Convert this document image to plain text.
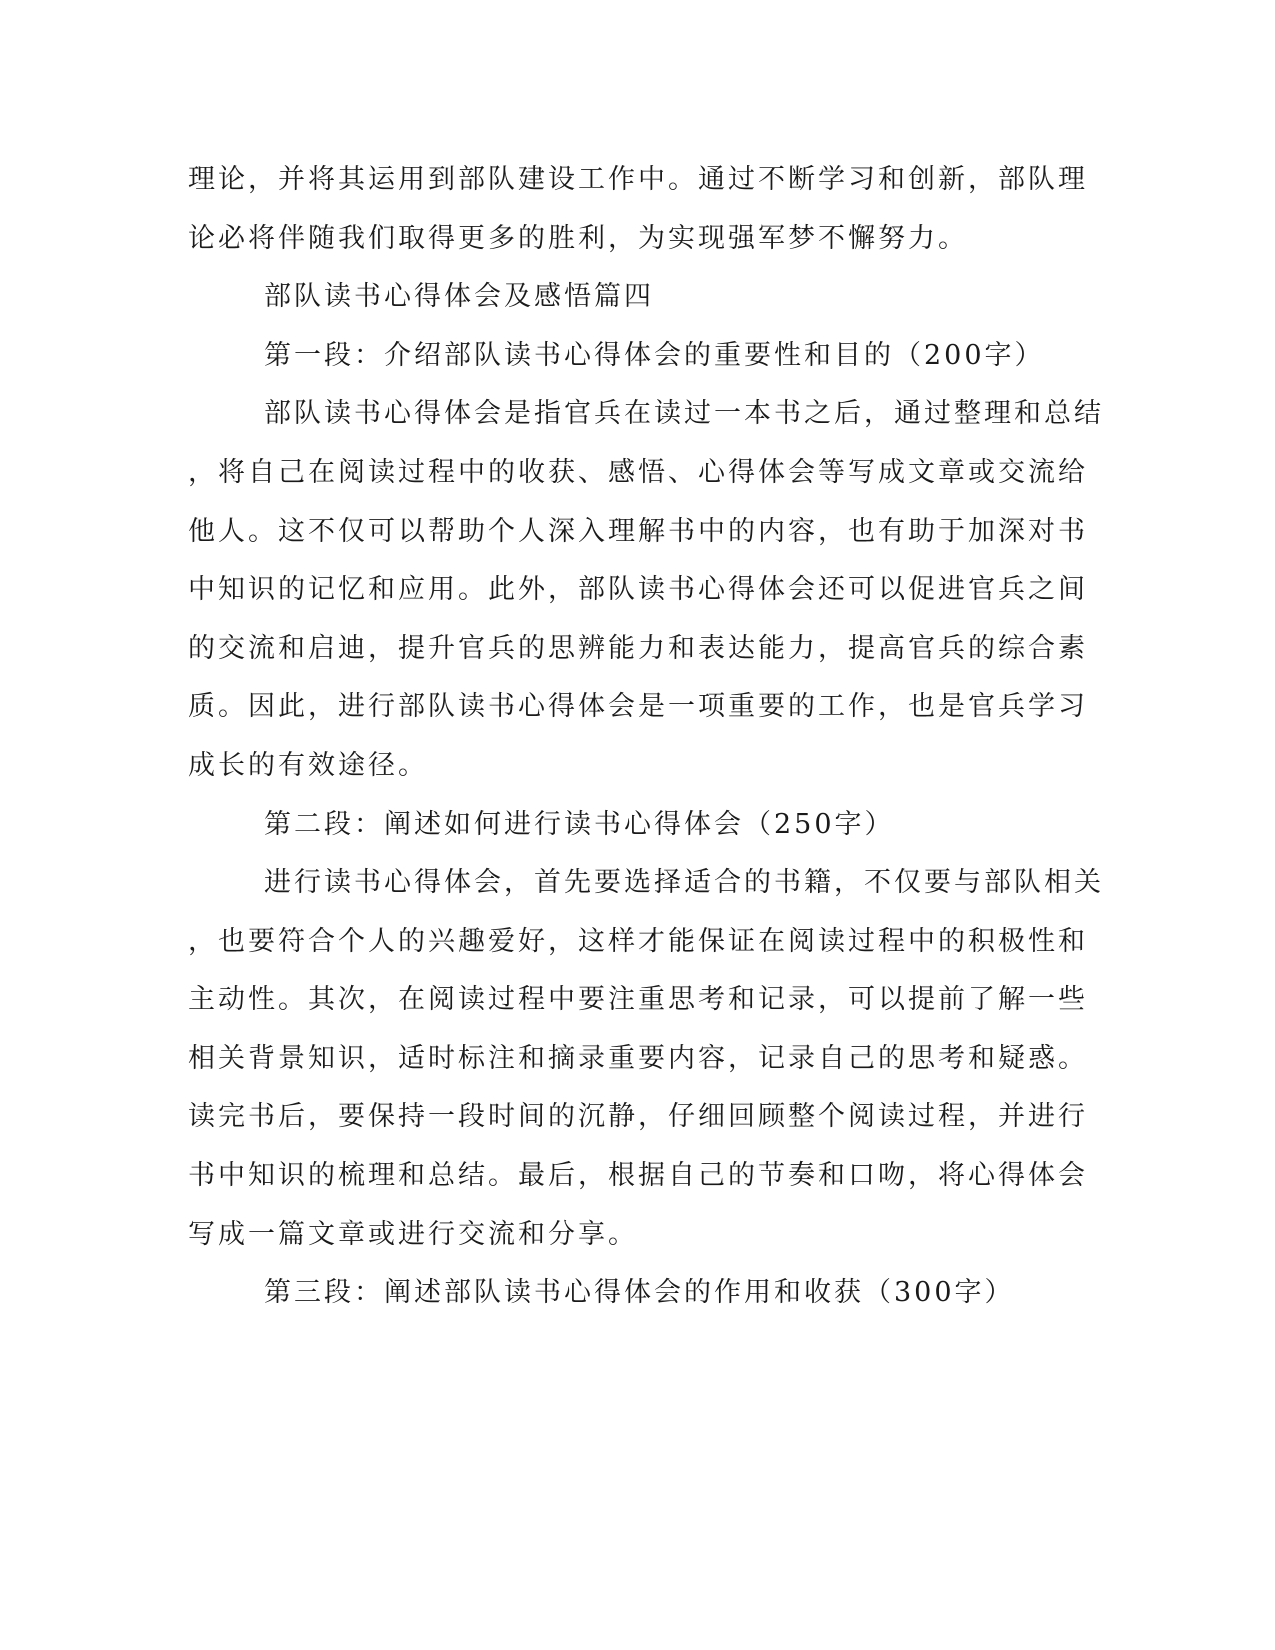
理论，并将其运用到部队建设工作中。通过不断学习和创新，部队理
论必将伴随我们取得更多的胜利，为实现强军梦不懈努力。
部队读书心得体会及感悟篇四
第一段：介绍部队读书心得体会的重要性和目的（200字）
部队读书心得体会是指官兵在读过一本书之后，通过整理和总结
，将自己在阅读过程中的收获、感悟、心得体会等写成文章或交流给
他人。这不仅可以帮助个人深入理解书中的内容，也有助于加深对书
中知识的记忆和应用。此外，部队读书心得体会还可以促进官兵之间
的交流和启迪，提升官兵的思辨能力和表达能力，提高官兵的综合素
质。因此，进行部队读书心得体会是一项重要的工作，也是官兵学习
成长的有效途径。
第二段：阐述如何进行读书心得体会（250字）
进行读书心得体会，首先要选择适合的书籍，不仅要与部队相关
，也要符合个人的兴趣爱好，这样才能保证在阅读过程中的积极性和
主动性。其次，在阅读过程中要注重思考和记录，可以提前了解一些
相关背景知识，适时标注和摘录重要内容，记录自己的思考和疑惑。
读完书后，要保持一段时间的沉静，仔细回顾整个阅读过程，并进行
书中知识的梳理和总结。最后，根据自己的节奏和口吻，将心得体会
写成一篇文章或进行交流和分享。
第三段：阐述部队读书心得体会的作用和收获（300字）
